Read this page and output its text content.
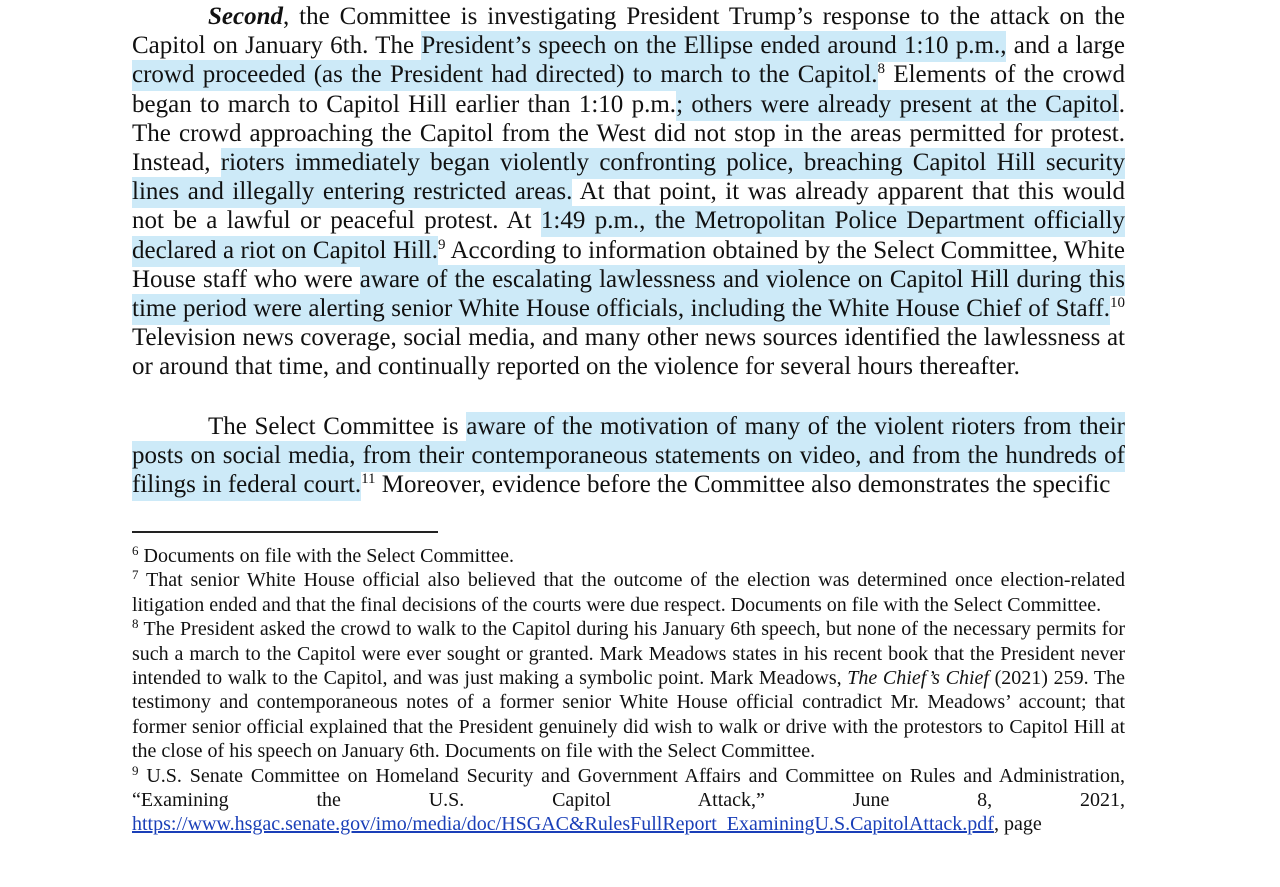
Second, the Committee is investigating President Trump’s response to the attack on the Capitol on January 6th. The President’s speech on the Ellipse ended around 1:10 p.m., and a large crowd proceeded (as the President had directed) to march to the Capitol.$^8$ Elements of the crowd began to march to Capitol Hill earlier than 1:10 p.m.; others were already present at the Capitol. The crowd approaching the Capitol from the West did not stop in the areas permitted for protest. Instead, rioters immediately began violently confronting police, breaching Capitol Hill security lines and illegally entering restricted areas. At that point, it was already apparent that this would not be a lawful or peaceful protest. At 1:49 p.m., the Metropolitan Police Department officially declared a riot on Capitol Hill.$^9$ According to information obtained by the Select Committee, White House staff who were aware of the escalating lawlessness and violence on Capitol Hill during this time period were alerting senior White House officials, including the White House Chief of Staff.$^{10}$ Television news coverage, social media, and many other news sources identified the lawlessness at or around that time, and continually reported on the violence for several hours thereafter.

The Select Committee is aware of the motivation of many of the violent rioters from their posts on social media, from their contemporaneous statements on video, and from the hundreds of filings in federal court.$^{11}$ Moreover, evidence before the Committee also demonstrates the specific

$^6$ Documents on file with the Select Committee.

$^7$ That senior White House official also believed that the outcome of the election was determined once election-related litigation ended and that the final decisions of the courts were due respect. Documents on file with the Select Committee.

$^8$ The President asked the crowd to walk to the Capitol during his January 6th speech, but none of the necessary permits for such a march to the Capitol were ever sought or granted. Mark Meadows states in his recent book that the President never intended to walk to the Capitol, and was just making a symbolic point. Mark Meadows, The Chief’s Chief (2021) 259. The testimony and contemporaneous notes of a former senior White House official contradict Mr. Meadows’ account; that former senior official explained that the President genuinely did wish to walk or drive with the protestors to Capitol Hill at the close of his speech on January 6th. Documents on file with the Select Committee.

$^9$ U.S. Senate Committee on Homeland Security and Government Affairs and Committee on Rules and Administration, “Examining the U.S. Capitol Attack,” June 8, 2021, https://www.hsgac.senate.gov/imo/media/doc/HSGAC&RulesFullReport_ExaminingU.S.CapitolAttack.pdf, page
